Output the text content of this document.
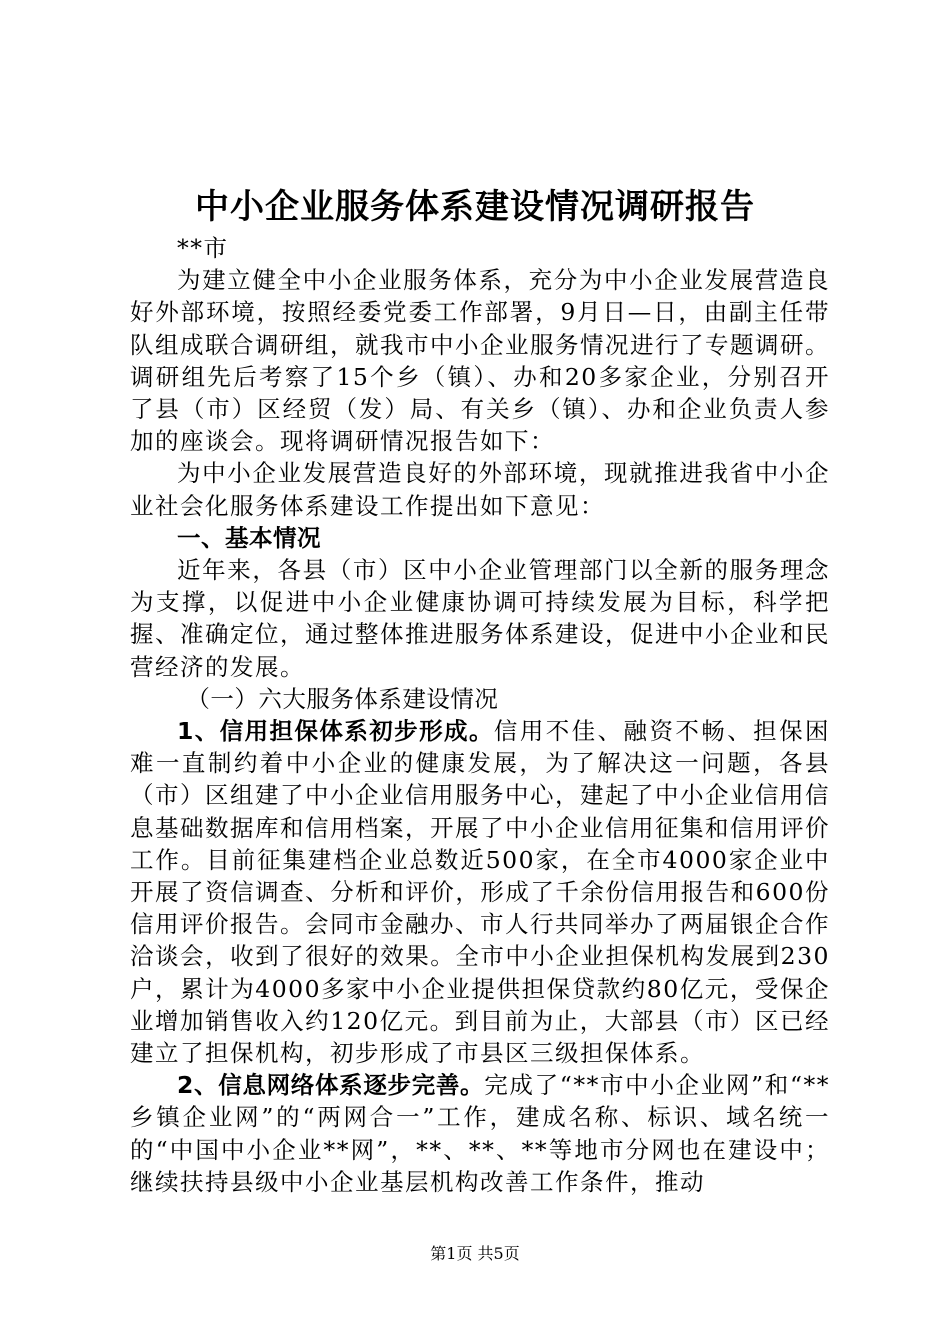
中小企业服务体系建设情况调研报告

**市

为建立健全中小企业服务体系，充分为中小企业发展营造良好外部环境，按照经委党委工作部署，9月日—日，由副主任带队组成联合调研组，就我市中小企业服务情况进行了专题调研。调研组先后考察了15个乡（镇）、办和20多家企业，分别召开了县（市）区经贸（发）局、有关乡（镇）、办和企业负责人参加的座谈会。现将调研情况报告如下：

为中小企业发展营造良好的外部环境，现就推进我省中小企业社会化服务体系建设工作提出如下意见：

一、基本情况

近年来，各县（市）区中小企业管理部门以全新的服务理念为支撑，以促进中小企业健康协调可持续发展为目标，科学把握、准确定位，通过整体推进服务体系建设，促进中小企业和民营经济的发展。

（一）六大服务体系建设情况

1、信用担保体系初步形成。信用不佳、融资不畅、担保困难一直制约着中小企业的健康发展，为了解决这一问题，各县（市）区组建了中小企业信用服务中心，建起了中小企业信用信息基础数据库和信用档案，开展了中小企业信用征集和信用评价工作。目前征集建档企业总数近500家，在全市4000家企业中开展了资信调查、分析和评价，形成了千余份信用报告和600份信用评价报告。会同市金融办、市人行共同举办了两届银企合作洽谈会，收到了很好的效果。全市中小企业担保机构发展到230户，累计为4000多家中小企业提供担保贷款约80亿元，受保企业增加销售收入约120亿元。到目前为止，大部县（市）区已经建立了担保机构，初步形成了市县区三级担保体系。

2、信息网络体系逐步完善。完成了“**市中小企业网”和“**乡镇企业网”的“两网合一”工作，建成名称、标识、域名统一的“中国中小企业**网”，**、**、**等地市分网也在建设中；继续扶持县级中小企业基层机构改善工作条件，推动

第1页 共5页
